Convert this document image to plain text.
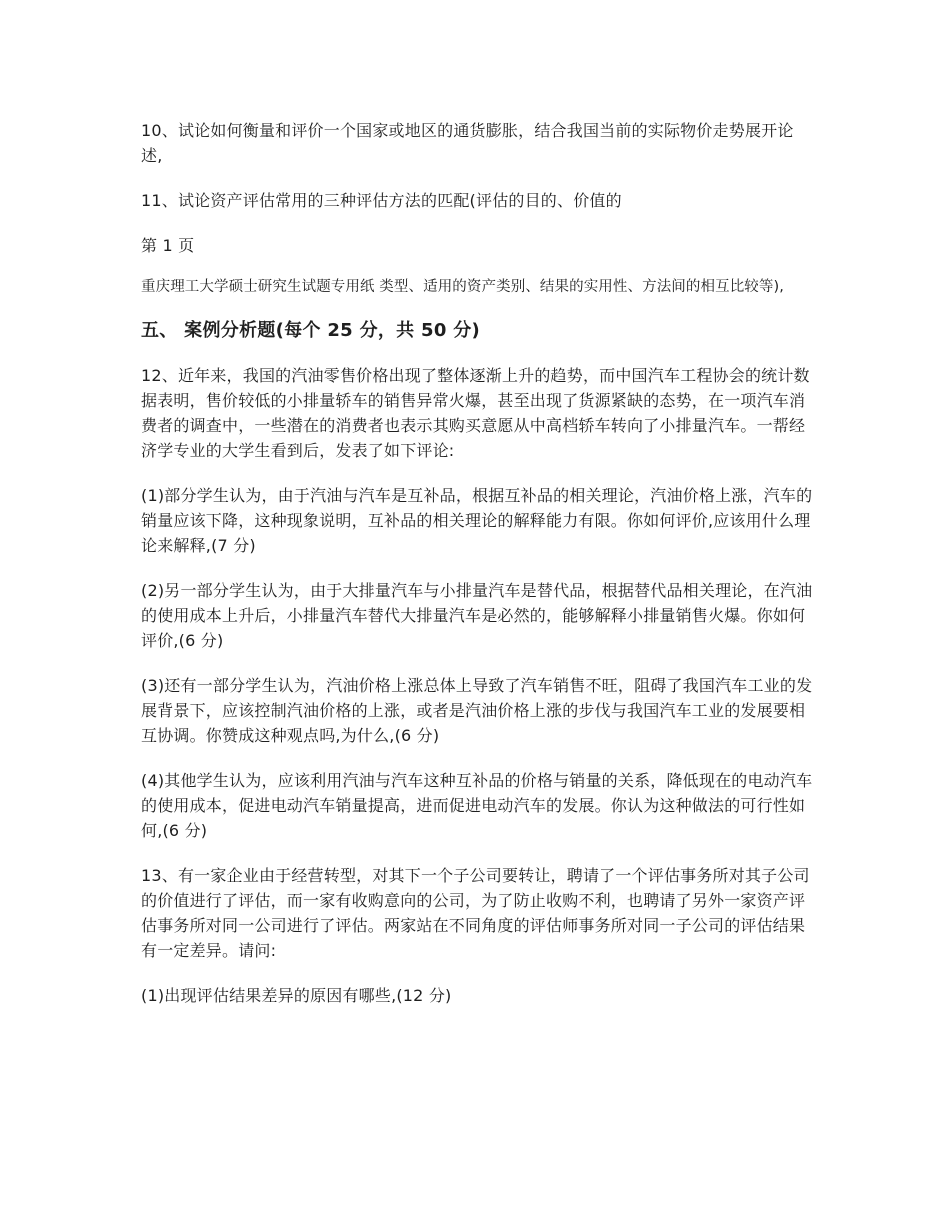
10、试论如何衡量和评价一个国家或地区的通货膨胀，结合我国当前的实际物价走势展开论述,

11、试论资产评估常用的三种评估方法的匹配(评估的目的、价值的

第 1 页

重庆理工大学硕士研究生试题专用纸 类型、适用的资产类别、结果的实用性、方法间的相互比较等),

五、 案例分析题(每个 25 分，共 50 分)

12、近年来，我国的汽油零售价格出现了整体逐渐上升的趋势，而中国汽车工程协会的统计数据表明，售价较低的小排量轿车的销售异常火爆，甚至出现了货源紧缺的态势，在一项汽车消费者的调查中，一些潜在的消费者也表示其购买意愿从中高档轿车转向了小排量汽车。一帮经济学专业的大学生看到后，发表了如下评论:

(1)部分学生认为，由于汽油与汽车是互补品，根据互补品的相关理论，汽油价格上涨，汽车的销量应该下降，这种现象说明，互补品的相关理论的解释能力有限。你如何评价,应该用什么理论来解释,(7 分)

(2)另一部分学生认为，由于大排量汽车与小排量汽车是替代品，根据替代品相关理论，在汽油的使用成本上升后，小排量汽车替代大排量汽车是必然的，能够解释小排量销售火爆。你如何评价,(6 分)

(3)还有一部分学生认为，汽油价格上涨总体上导致了汽车销售不旺，阻碍了我国汽车工业的发展背景下，应该控制汽油价格的上涨，或者是汽油价格上涨的步伐与我国汽车工业的发展要相互协调。你赞成这种观点吗,为什么,(6 分)

(4)其他学生认为，应该利用汽油与汽车这种互补品的价格与销量的关系，降低现在的电动汽车的使用成本，促进电动汽车销量提高，进而促进电动汽车的发展。你认为这种做法的可行性如何,(6 分)

13、有一家企业由于经营转型，对其下一个子公司要转让，聘请了一个评估事务所对其子公司的价值进行了评估，而一家有收购意向的公司，为了防止收购不利，也聘请了另外一家资产评估事务所对同一公司进行了评估。两家站在不同角度的评估师事务所对同一子公司的评估结果有一定差异。请问:

(1)出现评估结果差异的原因有哪些,(12 分)
